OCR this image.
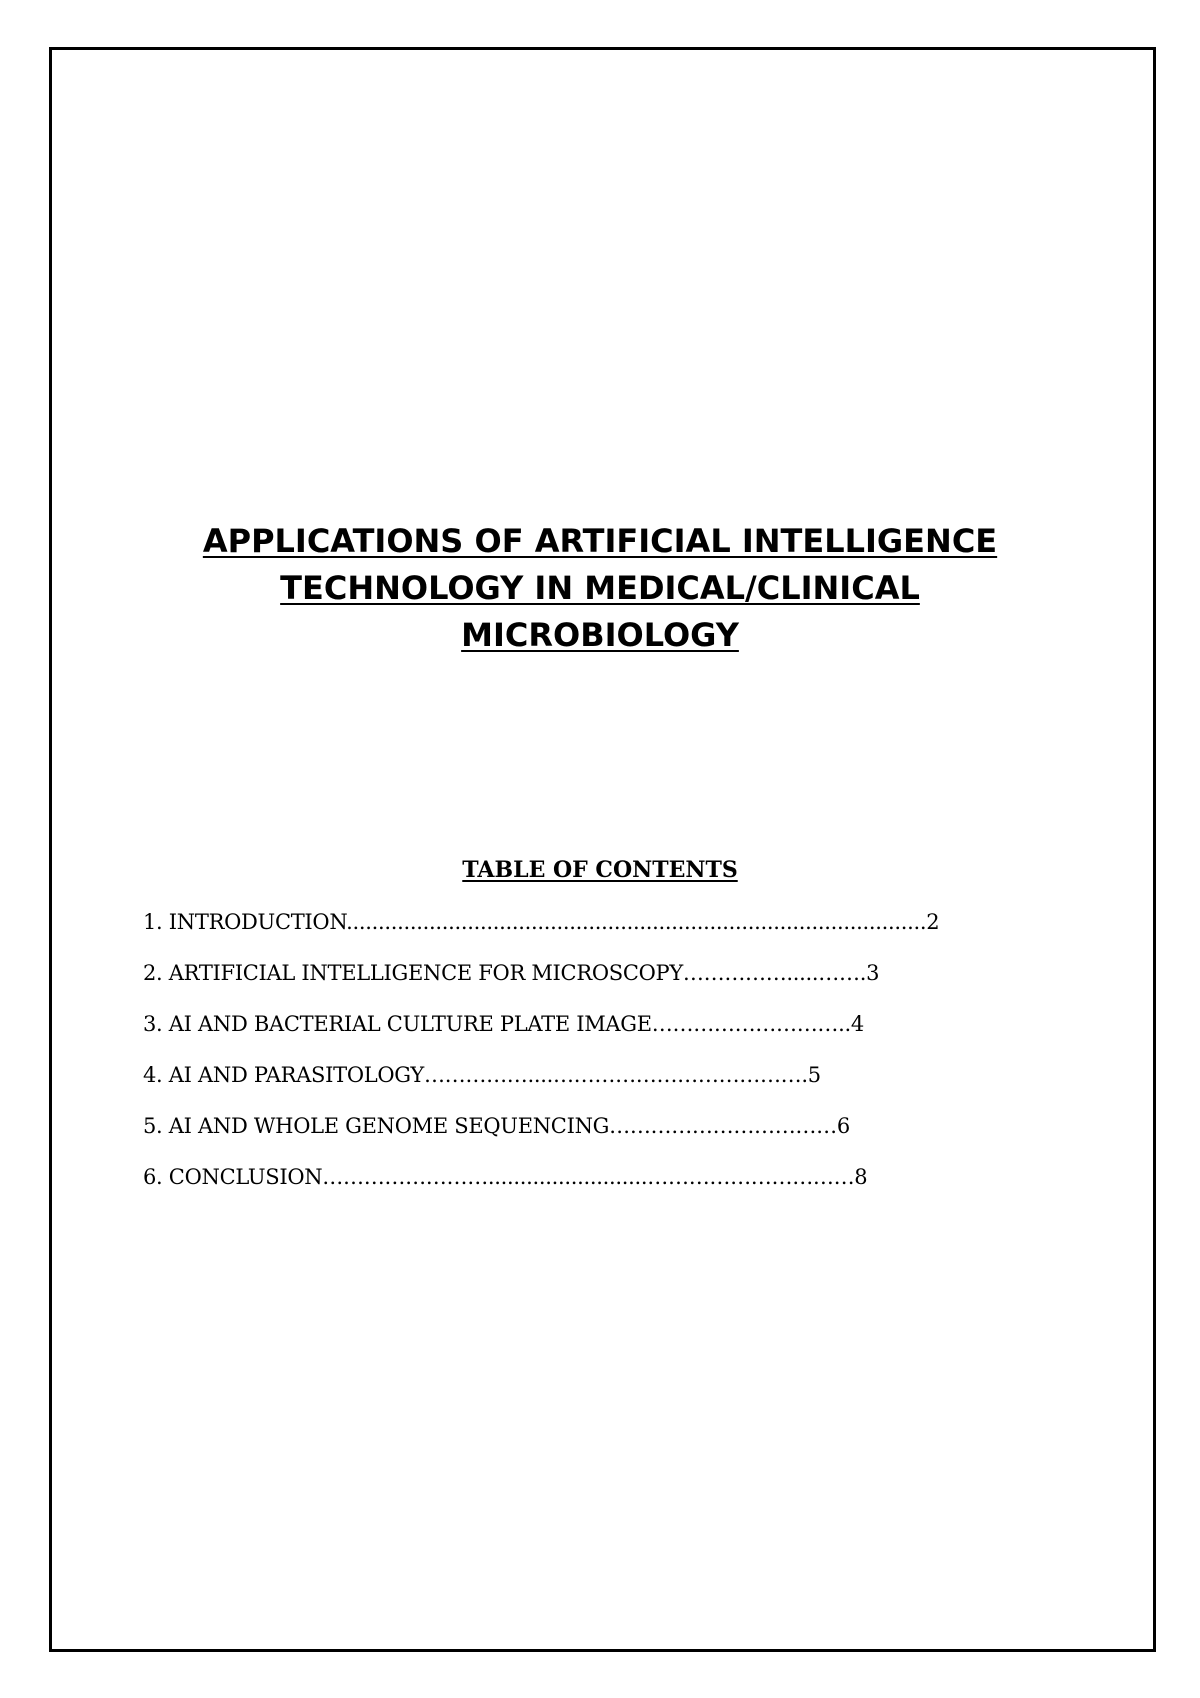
APPLICATIONS OF ARTIFICIAL INTELLIGENCE
TECHNOLOGY IN MEDICAL/CLINICAL
MICROBIOLOGY
TABLE OF CONTENTS
1. INTRODUCTION...........................................................................................2
2. ARTIFICIAL INTELLIGENCE FOR MICROSCOPY…………….....…….3
3. AI AND BACTERIAL CULTURE PLATE IMAGE………………………..4
4. AI AND PARASITOLOGY……………....……………………………….5
5. AI AND WHOLE GENOME SEQUENCING……………………………6
6. CONCLUSION…………………….........................…………………………8
